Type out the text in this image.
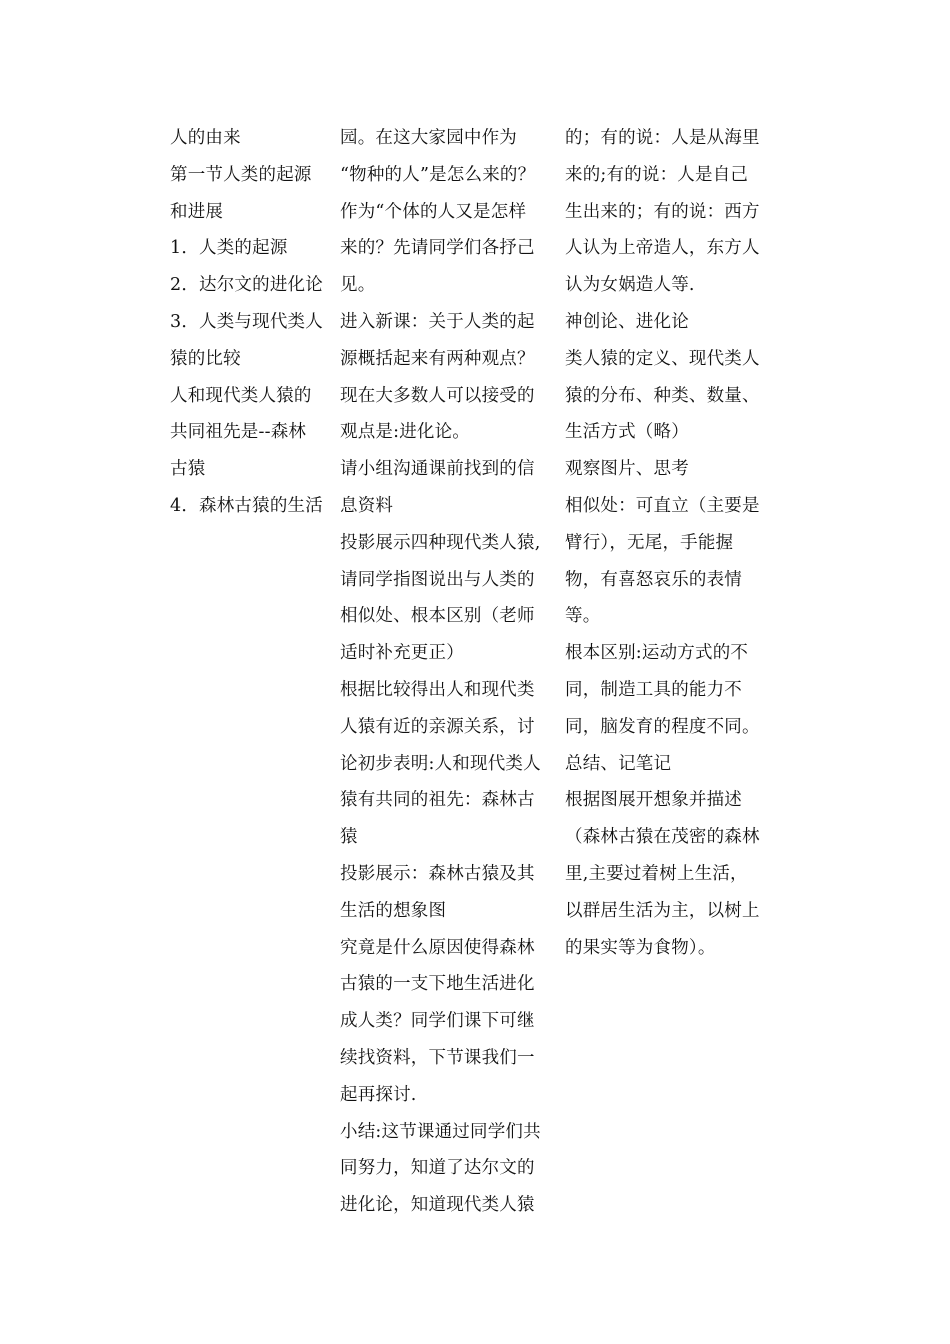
人的由来
第一节人类的起源
和进展
1．人类的起源
2．达尔文的进化论
3．人类与现代类人
猿的比较
人和现代类人猿的
共同祖先是--森林
古猿
4．森林古猿的生活
园。在这大家园中作为
“物种的人”是怎么来的？
作为“个体的人又是怎样
来的？先请同学们各抒己
见。
进入新课：关于人类的起
源概括起来有两种观点？
现在大多数人可以接受的
观点是:进化论。
请小组沟通课前找到的信
息资料
投影展示四种现代类人猿,
请同学指图说出与人类的
相似处、根本区别（老师
适时补充更正）
根据比较得出人和现代类
人猿有近的亲源关系，讨
论初步表明:人和现代类人
猿有共同的祖先：森林古
猿
投影展示：森林古猿及其
生活的想象图
究竟是什么原因使得森林
古猿的一支下地生活进化
成人类？同学们课下可继
续找资料，下节课我们一
起再探讨.
小结:这节课通过同学们共
同努力，知道了达尔文的
进化论，知道现代类人猿
的；有的说：人是从海里
来的;有的说：人是自己
生出来的；有的说：西方
人认为上帝造人，东方人
认为女娲造人等.
神创论、进化论
类人猿的定义、现代类人
猿的分布、种类、数量、
生活方式（略）
观察图片、思考
相似处：可直立（主要是
臂行），无尾，手能握
物，有喜怒哀乐的表情
等。
根本区别:运动方式的不
同，制造工具的能力不
同，脑发育的程度不同。
总结、记笔记
根据图展开想象并描述
（森林古猿在茂密的森林
里,主要过着树上生活，
以群居生活为主，以树上
的果实等为食物）。
